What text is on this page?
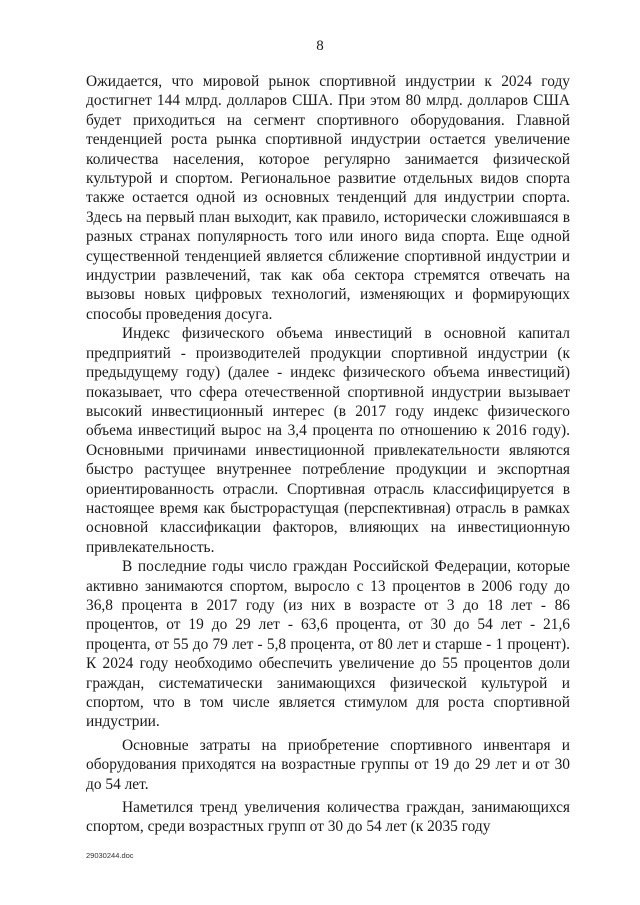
8

Ожидается, что мировой рынок спортивной индустрии к 2024 году достигнет 144 млрд. долларов США. При этом 80 млрд. долларов США будет приходиться на сегмент спортивного оборудования. Главной тенденцией роста рынка спортивной индустрии остается увеличение количества населения, которое регулярно занимается физической культурой и спортом. Региональное развитие отдельных видов спорта также остается одной из основных тенденций для индустрии спорта. Здесь на первый план выходит, как правило, исторически сложившаяся в разных странах популярность того или иного вида спорта. Еще одной существенной тенденцией является сближение спортивной индустрии и индустрии развлечений, так как оба сектора стремятся отвечать на вызовы новых цифровых технологий, изменяющих и формирующих способы проведения досуга.

Индекс физического объема инвестиций в основной капитал предприятий - производителей продукции спортивной индустрии (к предыдущему году) (далее - индекс физического объема инвестиций) показывает, что сфера отечественной спортивной индустрии вызывает высокий инвестиционный интерес (в 2017 году индекс физического объема инвестиций вырос на 3,4 процента по отношению к 2016 году). Основными причинами инвестиционной привлекательности являются быстро растущее внутреннее потребление продукции и экспортная ориентированность отрасли. Спортивная отрасль классифицируется в настоящее время как быстрорастущая (перспективная) отрасль в рамках основной классификации факторов, влияющих на инвестиционную привлекательность.

В последние годы число граждан Российской Федерации, которые активно занимаются спортом, выросло с 13 процентов в 2006 году до 36,8 процента в 2017 году (из них в возрасте от 3 до 18 лет - 86 процентов, от 19 до 29 лет - 63,6 процента, от 30 до 54 лет - 21,6 процента, от 55 до 79 лет - 5,8 процента, от 80 лет и старше - 1 процент). К 2024 году необходимо обеспечить увеличение до 55 процентов доли граждан, систематически занимающихся физической культурой и спортом, что в том числе является стимулом для роста спортивной индустрии.

Основные затраты на приобретение спортивного инвентаря и оборудования приходятся на возрастные группы от 19 до 29 лет и от 30 до 54 лет.

Наметился тренд увеличения количества граждан, занимающихся спортом, среди возрастных групп от 30 до 54 лет (к 2035 году

29030244.doc
